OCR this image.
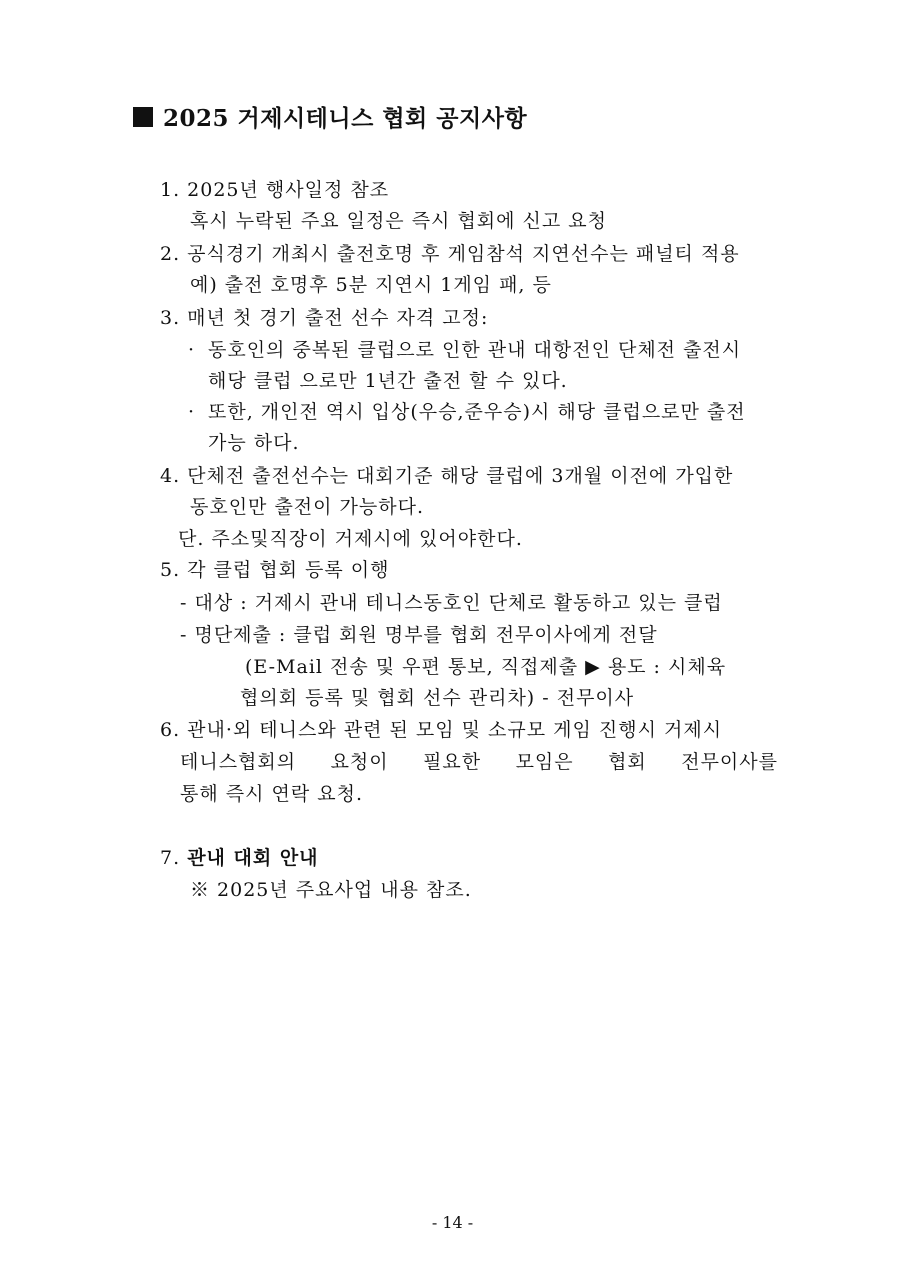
2025 거제시테니스 협회 공지사항
1. 2025년 행사일정 참조
혹시 누락된 주요 일정은 즉시 협회에 신고 요청
2. 공식경기 개최시 출전호명 후 게임참석 지연선수는 패널티 적용
예) 출전 호명후 5분 지연시 1게임 패, 등
3. 매년 첫 경기 출전 선수 자격 고정:
· 동호인의 중복된 클럽으로 인한 관내 대항전인 단체전 출전시
해당 클럽 으로만 1년간 출전 할 수 있다.
· 또한, 개인전 역시 입상(우승,준우승)시 해당 클럽으로만 출전
가능 하다.
4. 단체전 출전선수는 대회기준 해당 클럽에 3개월 이전에 가입한
동호인만 출전이 가능하다.
단. 주소및직장이 거제시에 있어야한다.
5. 각 클럽 협회 등록 이행
- 대상 : 거제시 관내 테니스동호인 단체로 활동하고 있는 클럽
- 명단제출 : 클럽 회원 명부를 협회 전무이사에게 전달
(E-Mail 전송 및 우편 통보, 직접제출 ▶ 용도 : 시체육
협의회 등록 및 협회 선수 관리차) - 전무이사
6. 관내·외 테니스와 관련 된 모임 및 소규모 게임 진행시 거제시
테니스협회의 요청이 필요한 모임은 협회 전무이사를
통해 즉시 연락 요청.
7. 관내 대회 안내
※ 2025년 주요사업 내용 참조.
- 14 -
